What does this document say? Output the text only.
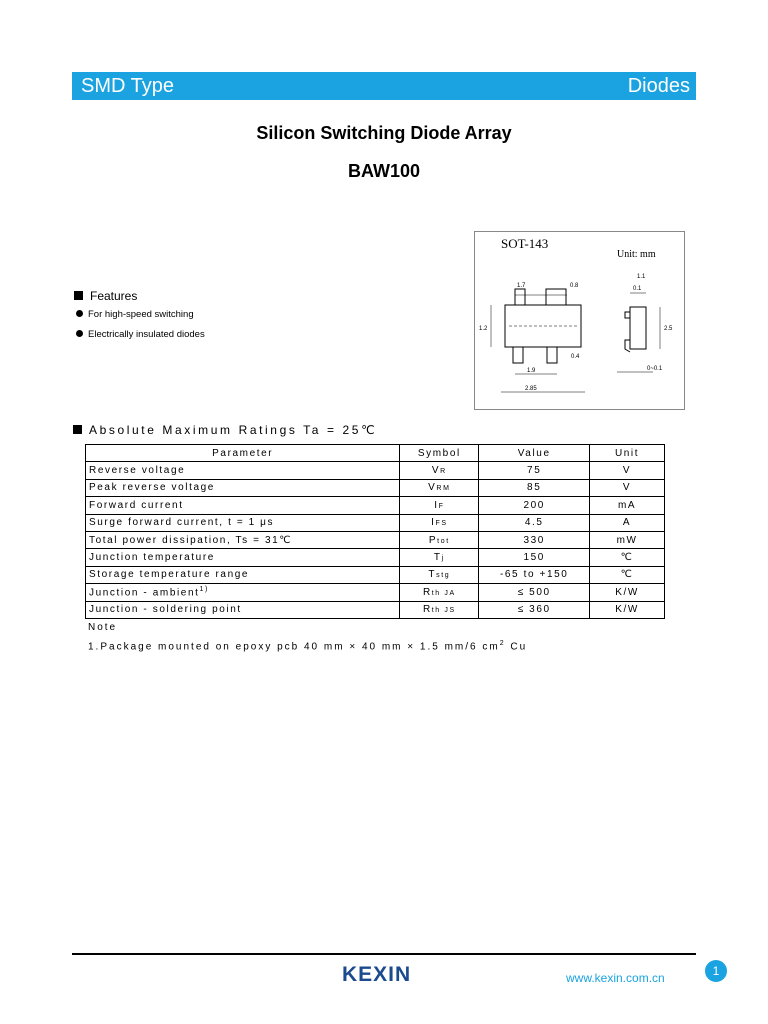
SMD Type	Diodes
Silicon Switching Diode Array
BAW100
1.7	0.8
1.1
0.1
1.2
0.4
1.9
2.85
2.5
0~0.1
SOT-143
Unit: mm
Features
For high-speed switching
Electrically insulated diodes
Absolute Maximum Ratings Ta = 25℃
Parameter	Symbol	Value	Unit
Reverse voltage	VR	75	V
Peak reverse voltage	VRM	85	V
Forward current	IF	200	mA
Surge forward current, t = 1 μs	IFS	4.5	A
Total power dissipation, Ts = 31℃	Ptot	330	mW
Junction temperature	Tj	150	℃
Storage temperature range	Tstg	-65 to +150	℃
Junction - ambient$^{1)}$	Rth JA	≤ 500	K/W
Junction - soldering point	Rth JS	≤ 360	K/W
Note
1.Package mounted on epoxy pcb 40 mm × 40 mm × 1.5 mm/6 $cm^2$ Cu
KEXIN	www.kexin.com.cn	1
